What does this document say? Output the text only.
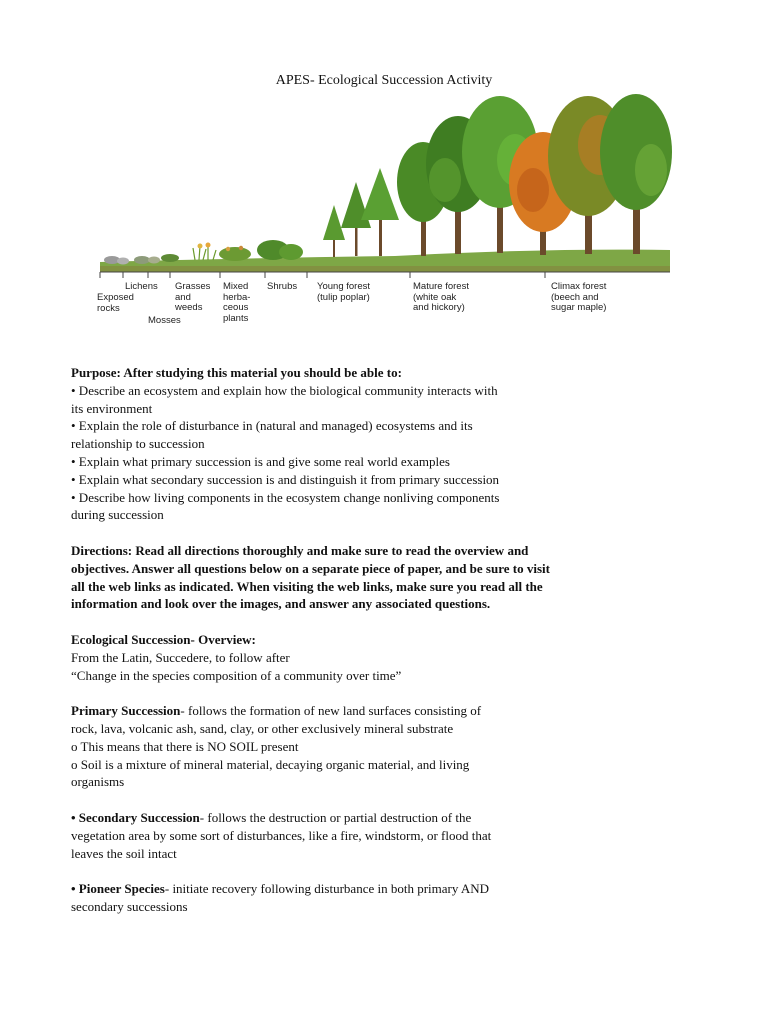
APES- Ecological Succession Activity
Exposed
rocks
Lichens
Mosses
Grasses
and
weeds
Mixed
herba-
ceous
plants
Shrubs Young forest
(tulip poplar)
Mature forest
(white oak
and hickory)
Climax forest
(beech and
sugar maple)

Purpose: After studying this material you should be able to:

• Describe an ecosystem and explain how the biological community interacts with

its environment

• Explain the role of disturbance in (natural and managed) ecosystems and its

relationship to succession

• Explain what primary succession is and give some real world examples

• Explain what secondary succession is and distinguish it from primary succession

• Describe how living components in the ecosystem change nonliving components

during succession

Directions: Read all directions thoroughly and make sure to read the overview and

objectives. Answer all questions below on a separate piece of paper, and be sure to visit

all the web links as indicated. When visiting the web links, make sure you read all the

information and look over the images, and answer any associated questions.

Ecological Succession- Overview:

From the Latin, Succedere, to follow after

“Change in the species composition of a community over time”

Primary Succession- follows the formation of new land surfaces consisting of

rock, lava, volcanic ash, sand, clay, or other exclusively mineral substrate

o This means that there is NO SOIL present

o Soil is a mixture of mineral material, decaying organic material, and living

organisms

• Secondary Succession- follows the destruction or partial destruction of the

vegetation area by some sort of disturbances, like a fire, windstorm, or flood that

leaves the soil intact

• Pioneer Species- initiate recovery following disturbance in both primary AND

secondary successions
